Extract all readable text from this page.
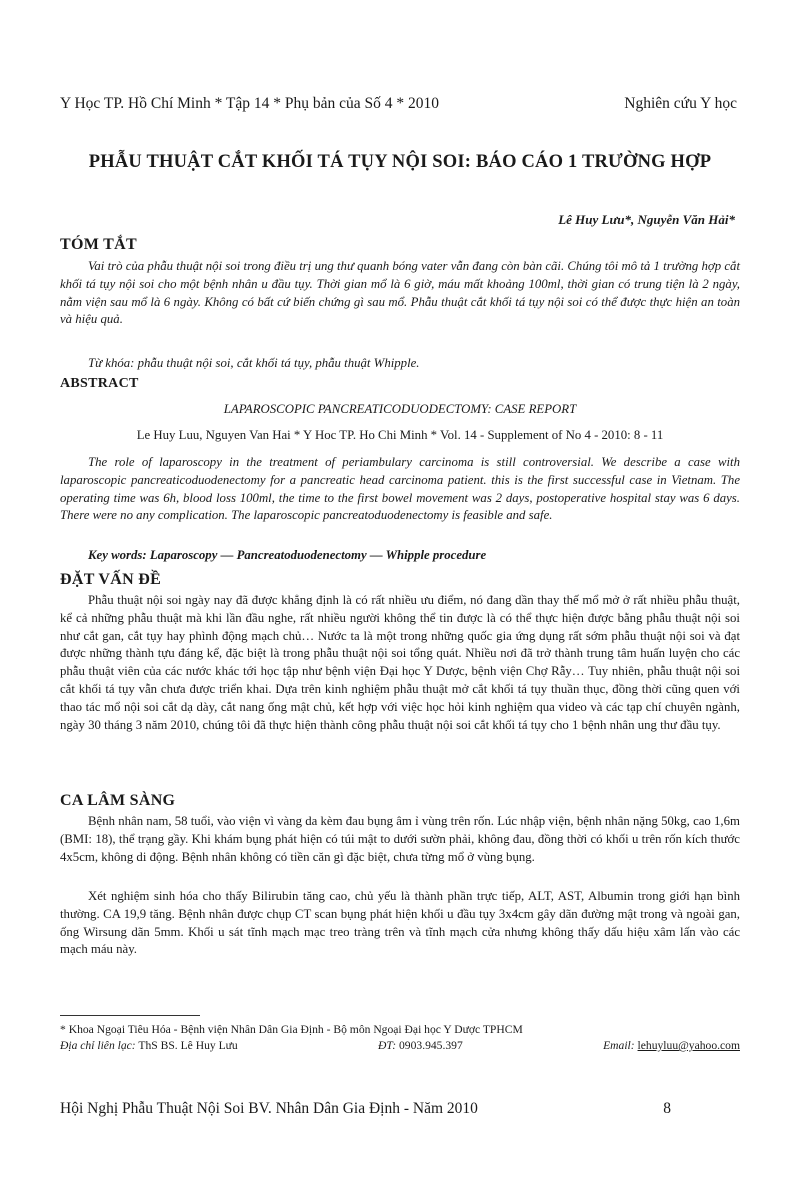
Y Học TP. Hồ Chí Minh * Tập 14 * Phụ bản của Số 4 * 2010	Nghiên cứu Y học
PHẪU THUẬT CẮT KHỐI TÁ TỤY NỘI SOI: BÁO CÁO 1 TRƯỜNG HỢP
Lê Huy Lưu*, Nguyễn Văn Hải*
TÓM TẮT
Vai trò của phẫu thuật nội soi trong điều trị ung thư quanh bóng vater vẫn đang còn bàn cãi. Chúng tôi mô tả 1 trường hợp cắt khối tá tụy nội soi cho một bệnh nhân u đầu tụy. Thời gian mổ là 6 giờ, máu mất khoảng 100ml, thời gian có trung tiện là 2 ngày, nằm viện sau mổ là 6 ngày. Không có bất cứ biến chứng gì sau mổ. Phẫu thuật cắt khối tá tụy nội soi có thể được thực hiện an toàn và hiệu quả.
Từ khóa: phẫu thuật nội soi, cắt khối tá tụy, phẫu thuật Whipple.
ABSTRACT
LAPAROSCOPIC PANCREATICODUODECTOMY: CASE REPORT
Le Huy Luu, Nguyen Van Hai * Y Hoc TP. Ho Chi Minh * Vol. 14 - Supplement of No 4 - 2010: 8 - 11
The role of laparoscopy in the treatment of periambulary carcinoma is still controversial. We describe a case with laparoscopic pancreaticoduodenectomy for a pancreatic head carcinoma patient. this is the first successful case in Vietnam. The operating time was 6h, blood loss 100ml, the time to the first bowel movement was 2 days, postoperative hospital stay was 6 days. There were no any complication. The laparoscopic pancreatoduodenectomy is feasible and safe.
Key words: Laparoscopy — Pancreatoduodenectomy — Whipple procedure
ĐẶT VẤN ĐỀ
Phẫu thuật nội soi ngày nay đã được khẳng định là có rất nhiều ưu điểm, nó đang dần thay thế mổ mở ở rất nhiều phẫu thuật, kể cả những phẫu thuật mà khi lần đầu nghe, rất nhiều người không thể tin được là có thể thực hiện được bằng phẫu thuật nội soi như cắt gan, cắt tụy hay phình động mạch chủ… Nước ta là một trong những quốc gia ứng dụng rất sớm phẫu thuật nội soi và đạt được những thành tựu đáng kể, đặc biệt là trong phẫu thuật nội soi tổng quát. Nhiều nơi đã trở thành trung tâm huấn luyện cho các phẫu thuật viên của các nước khác tới học tập như bệnh viện Đại học Y Dược, bệnh viện Chợ Rẫy… Tuy nhiên, phẫu thuật nội soi cắt khối tá tụy vẫn chưa được triển khai. Dựa trên kinh nghiệm phẫu thuật mở cắt khối tá tụy thuần thục, đồng thời cũng quen với thao tác mổ nội soi cắt dạ dày, cắt nang ống mật chủ, kết hợp với việc học hỏi kinh nghiệm qua video và các tạp chí chuyên ngành, ngày 30 tháng 3 năm 2010, chúng tôi đã thực hiện thành công phẫu thuật nội soi cắt khối tá tụy cho 1 bệnh nhân ung thư đầu tụy.
CA LÂM SÀNG
Bệnh nhân nam, 58 tuổi, vào viện vì vàng da kèm đau bụng âm ỉ vùng trên rốn. Lúc nhập viện, bệnh nhân nặng 50kg, cao 1,6m (BMI: 18), thể trạng gầy. Khi khám bụng phát hiện có túi mật to dưới sườn phải, không đau, đồng thời có khối u trên rốn kích thước 4x5cm, không di động. Bệnh nhân không có tiền căn gì đặc biệt, chưa từng mổ ở vùng bụng.
Xét nghiệm sinh hóa cho thấy Bilirubin tăng cao, chủ yếu là thành phần trực tiếp, ALT, AST, Albumin trong giới hạn bình thường. CA 19,9 tăng. Bệnh nhân được chụp CT scan bụng phát hiện khối u đầu tụy 3x4cm gây dãn đường mật trong và ngoài gan, ống Wirsung dãn 5mm. Khối u sát tĩnh mạch mạc treo tràng trên và tĩnh mạch cửa nhưng không thấy dấu hiệu xâm lấn vào các mạch máu này.
* Khoa Ngoại Tiêu Hóa - Bệnh viện Nhân Dân Gia Định - Bộ môn Ngoại Đại học Y Dược TPHCM
Địa chỉ liên lạc: ThS BS. Lê Huy Lưu	ĐT: 0903.945.397	Email: lehuyluu@yahoo.com
Hội Nghị Phẫu Thuật Nội Soi BV. Nhân Dân Gia Định - Năm 2010	8
